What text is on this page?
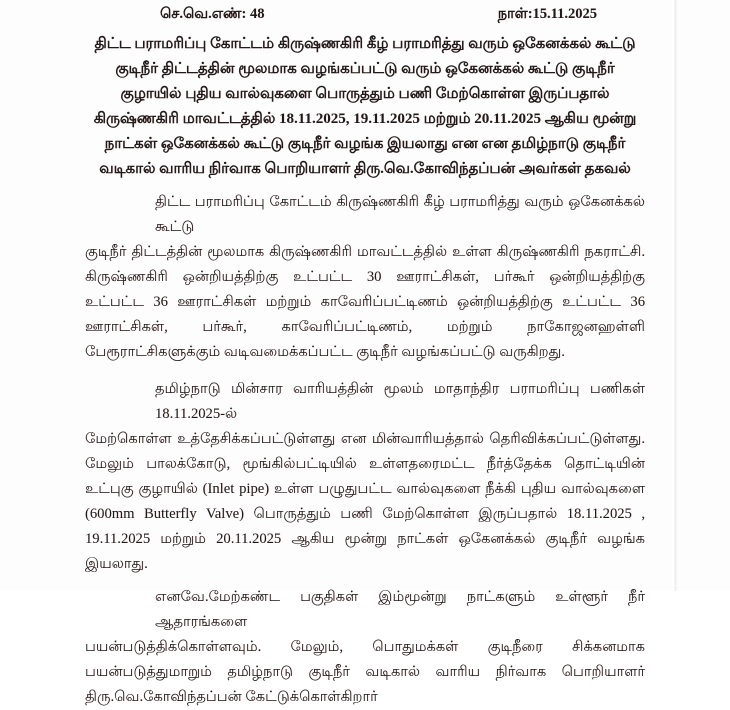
செ.வெ.எண்: 48	நாள்:15.11.2025
திட்ட பராமரிப்பு கோட்டம் கிருஷ்ணகிரி கீழ் பராமரித்து வரும் ஒகேனக்கல் கூட்டு
குடிநீர் திட்டத்தின் மூலமாக வழங்கப்பட்டு வரும் ஒகேனக்கல் கூட்டு குடிநீர்
குழாயில் புதிய வால்வுகளை பொருத்தும் பணி மேற்கொள்ள இருப்பதால்
கிருஷ்ணகிரி மாவட்டத்தில் 18.11.2025, 19.11.2025 மற்றும் 20.11.2025 ஆகிய மூன்று
நாட்கள் ஒகேனக்கல் கூட்டு குடிநீர் வழங்க இயலாது என என தமிழ்நாடு குடிநீர்
வடிகால் வாரிய நிர்வாக பொறியாளர் திரு.வெ.கோவிந்தப்பன் அவர்கள் தகவல்
திட்ட பராமரிப்பு கோட்டம் கிருஷ்ணகிரி கீழ் பராமரித்து வரும் ஒகேனக்கல் கூட்டு
குடிநீர் திட்டத்தின் மூலமாக கிருஷ்ணகிரி மாவட்டத்தில் உள்ள கிருஷ்ணகிரி நகராட்சி.
கிருஷ்ணகிரி ஒன்றியத்திற்கு உட்பட்ட 30 ஊராட்சிகள், பர்கூர் ஒன்றியத்திற்கு
உட்பட்ட 36 ஊராட்சிகள் மற்றும் காவேரிப்பட்டிணம் ஒன்றியத்திற்கு உட்பட்ட 36
ஊராட்சிகள், பர்கூர், காவேரிப்பட்டிணம், மற்றும் நாகோஜனஹள்ளி
பேரூராட்சிகளுக்கும் வடிவமைக்கப்பட்ட குடிநீர் வழங்கப்பட்டு வருகிறது.
தமிழ்நாடு மின்சார வாரியத்தின் மூலம் மாதாந்திர பராமரிப்பு பணிகள் 18.11.2025-ல்
மேற்கொள்ள உத்தேசிக்கப்பட்டுள்ளது என மின்வாரியத்தால் தெரிவிக்கப்பட்டுள்ளது.
மேலும் பாலக்கோடு, மூங்கில்பட்டியில் உள்ளதரைமட்ட நீர்த்தேக்க தொட்டியின்
உட்புகு குழாயில் (Inlet pipe) உள்ள பழுதுபட்ட வால்வுகளை நீக்கி புதிய வால்வுகளை
(600mm Butterfly Valve) பொருத்தும் பணி மேற்கொள்ள இருப்பதால் 18.11.2025 ,
19.11.2025 மற்றும் 20.11.2025 ஆகிய மூன்று நாட்கள் ஒகேனக்கல் குடிநீர் வழங்க இயலாது.
எனவே.மேற்கண்ட பகுதிகள் இம்மூன்று நாட்களும் உள்ளூர் நீர் ஆதாரங்களை
பயன்படுத்திக்கொள்ளவும். மேலும், பொதுமக்கள் குடிநீரை சிக்கனமாக
பயன்படுத்துமாறும் தமிழ்நாடு குடிநீர் வடிகால் வாரிய நிர்வாக பொறியாளர்
திரு.வெ.கோவிந்தப்பன் கேட்டுக்கொள்கிறார்
